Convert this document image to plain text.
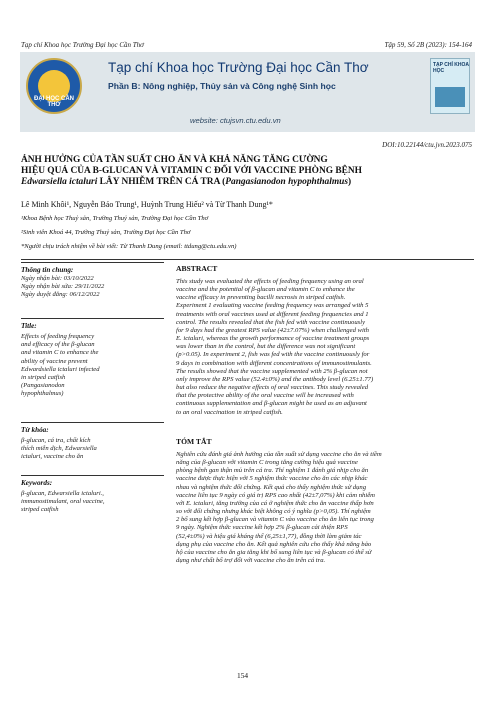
Tạp chí Khoa học Trường Đại học Cần Thơ	Tập 59, Số 2B (2023): 154-164
ĐẠI HỌC CẦN THƠ
Tạp chí Khoa học Trường Đại học Cần Thơ
Phần B: Nông nghiệp, Thủy sản và Công nghệ Sinh học
website: ctujsvn.ctu.edu.vn
TẠP CHÍ KHOA HỌC
DOI:10.22144/ctu.jvn.2023.075
ẢNH HƯỞNG CỦA TẦN SUẤT CHO ĂN VÀ KHẢ NĂNG TĂNG CƯỜNG
HIỆU QUẢ CỦA B-GLUCAN VÀ VITAMIN C ĐỐI VỚI VACCINE PHÒNG BỆNH
Edwarsiella ictaluri LÂY NHIỄM TRÊN CÁ TRA (Pangasianodon hypophthalmus)
Lê Minh Khôi¹, Nguyễn Bảo Trung¹, Huỳnh Trung Hiếu² và Từ Thanh Dung¹*
¹Khoa Bệnh học Thuỷ sản, Trường Thuỷ sản, Trường Đại học Cần Thơ
²Sinh viên Khoá 44, Trường Thuỷ sản, Trường Đại học Cần Thơ
*Người chịu trách nhiệm về bài viết: Từ Thanh Dung (email: ttdung@ctu.edu.vn)
Thông tin chung:
Ngày nhận bài: 03/10/2022
Ngày nhận bài sửa: 29/11/2022
Ngày duyệt đăng: 06/12/2022
Title:
Effects of feeding frequency
and efficacy of the β-glucan
and vitamin C to enhance the
ability of vaccine prevent
Edwardsiella ictaluri infected
in striped catfish
(Pangasianodon
hypophthalmus)
Từ khóa:
β-glucan, cá tra, chất kích
thích miễn dịch, Edwarsiella
ictaluri, vaccine cho ăn
Keywords:
β-glucan, Edwarsiella ictaluri.,
immunostimulant, oral vaccine,
striped catfish
ABSTRACT
This study was evaluated the effects of feeding frequency using an oral
vaccine and the potential of β-glucan and vitamin C to enhance the
vaccine efficacy in preventing bacilli necrosis in striped catfish.
Experiment 1 evaluating vaccine feeding frequency was arranged with 5
treatments with oral vaccines used at different feeding frequencies and 1
control. The results revealed that the fish fed with vaccine continuously
for 9 days had the greatest RPS value (42±7.07%) when challenged with
E. ictaluri, whereas the growth performance of vaccine treatment groups
was lower than in the control, but the difference was not significant
(p>0.05). In experiment 2, fish was fed with the vaccine continuously for
9 days in combination with different concentrations of immunostimulants.
The results showed that the vaccine supplemented with 2% β-glucan not
only improve the RPS value (52.4±0%) and the antibody level (6.25±1.77)
but also reduce the negative effects of oral vaccines. This study revealed
that the protective ability of the oral vaccine will be increased with
continuous supplementation and β-glucan might be used as an adjuvant
to an oral vaccination in striped catfish.
TÓM TẮT
Nghiên cứu đánh giá ảnh hưởng của tần suất sử dụng vaccine cho ăn và tiềm
năng của β-glucan với vitamin C trong tăng cường hiệu quả vaccine
phòng bệnh gan thận mủ trên cá tra. Thí nghiệm 1 đánh giá nhịp cho ăn
vaccine được thực hiện với 5 nghiệm thức vaccine cho ăn các nhịp khác
nhau và nghiệm thức đối chứng. Kết quả cho thấy nghiệm thức sử dụng
vaccine liên tục 9 ngày có giá trị RPS cao nhất (42±7,07%) khi cảm nhiễm
với E. ictaluri, tăng trưởng của cá ở nghiệm thức cho ăn vaccine thấp hơn
so với đối chứng nhưng khác biệt không có ý nghĩa (p>0,05). Thí nghiệm
2 bổ sung kết hợp β-glucan và vitamin C vào vaccine cho ăn liên tục trong
9 ngày. Nghiệm thức vaccine kết hợp 2% β-glucan cải thiện RPS
(52,4±0%) và hiệu giá kháng thể (6,25±1,77), đồng thời làm giảm tác
dụng phụ của vaccine cho ăn. Kết quả nghiên cứu cho thấy khả năng bảo
hộ của vaccine cho ăn gia tăng khi bổ sung liên tục và β-glucan có thể sử
dụng như chất bổ trợ đối với vaccine cho ăn trên cá tra.
154
